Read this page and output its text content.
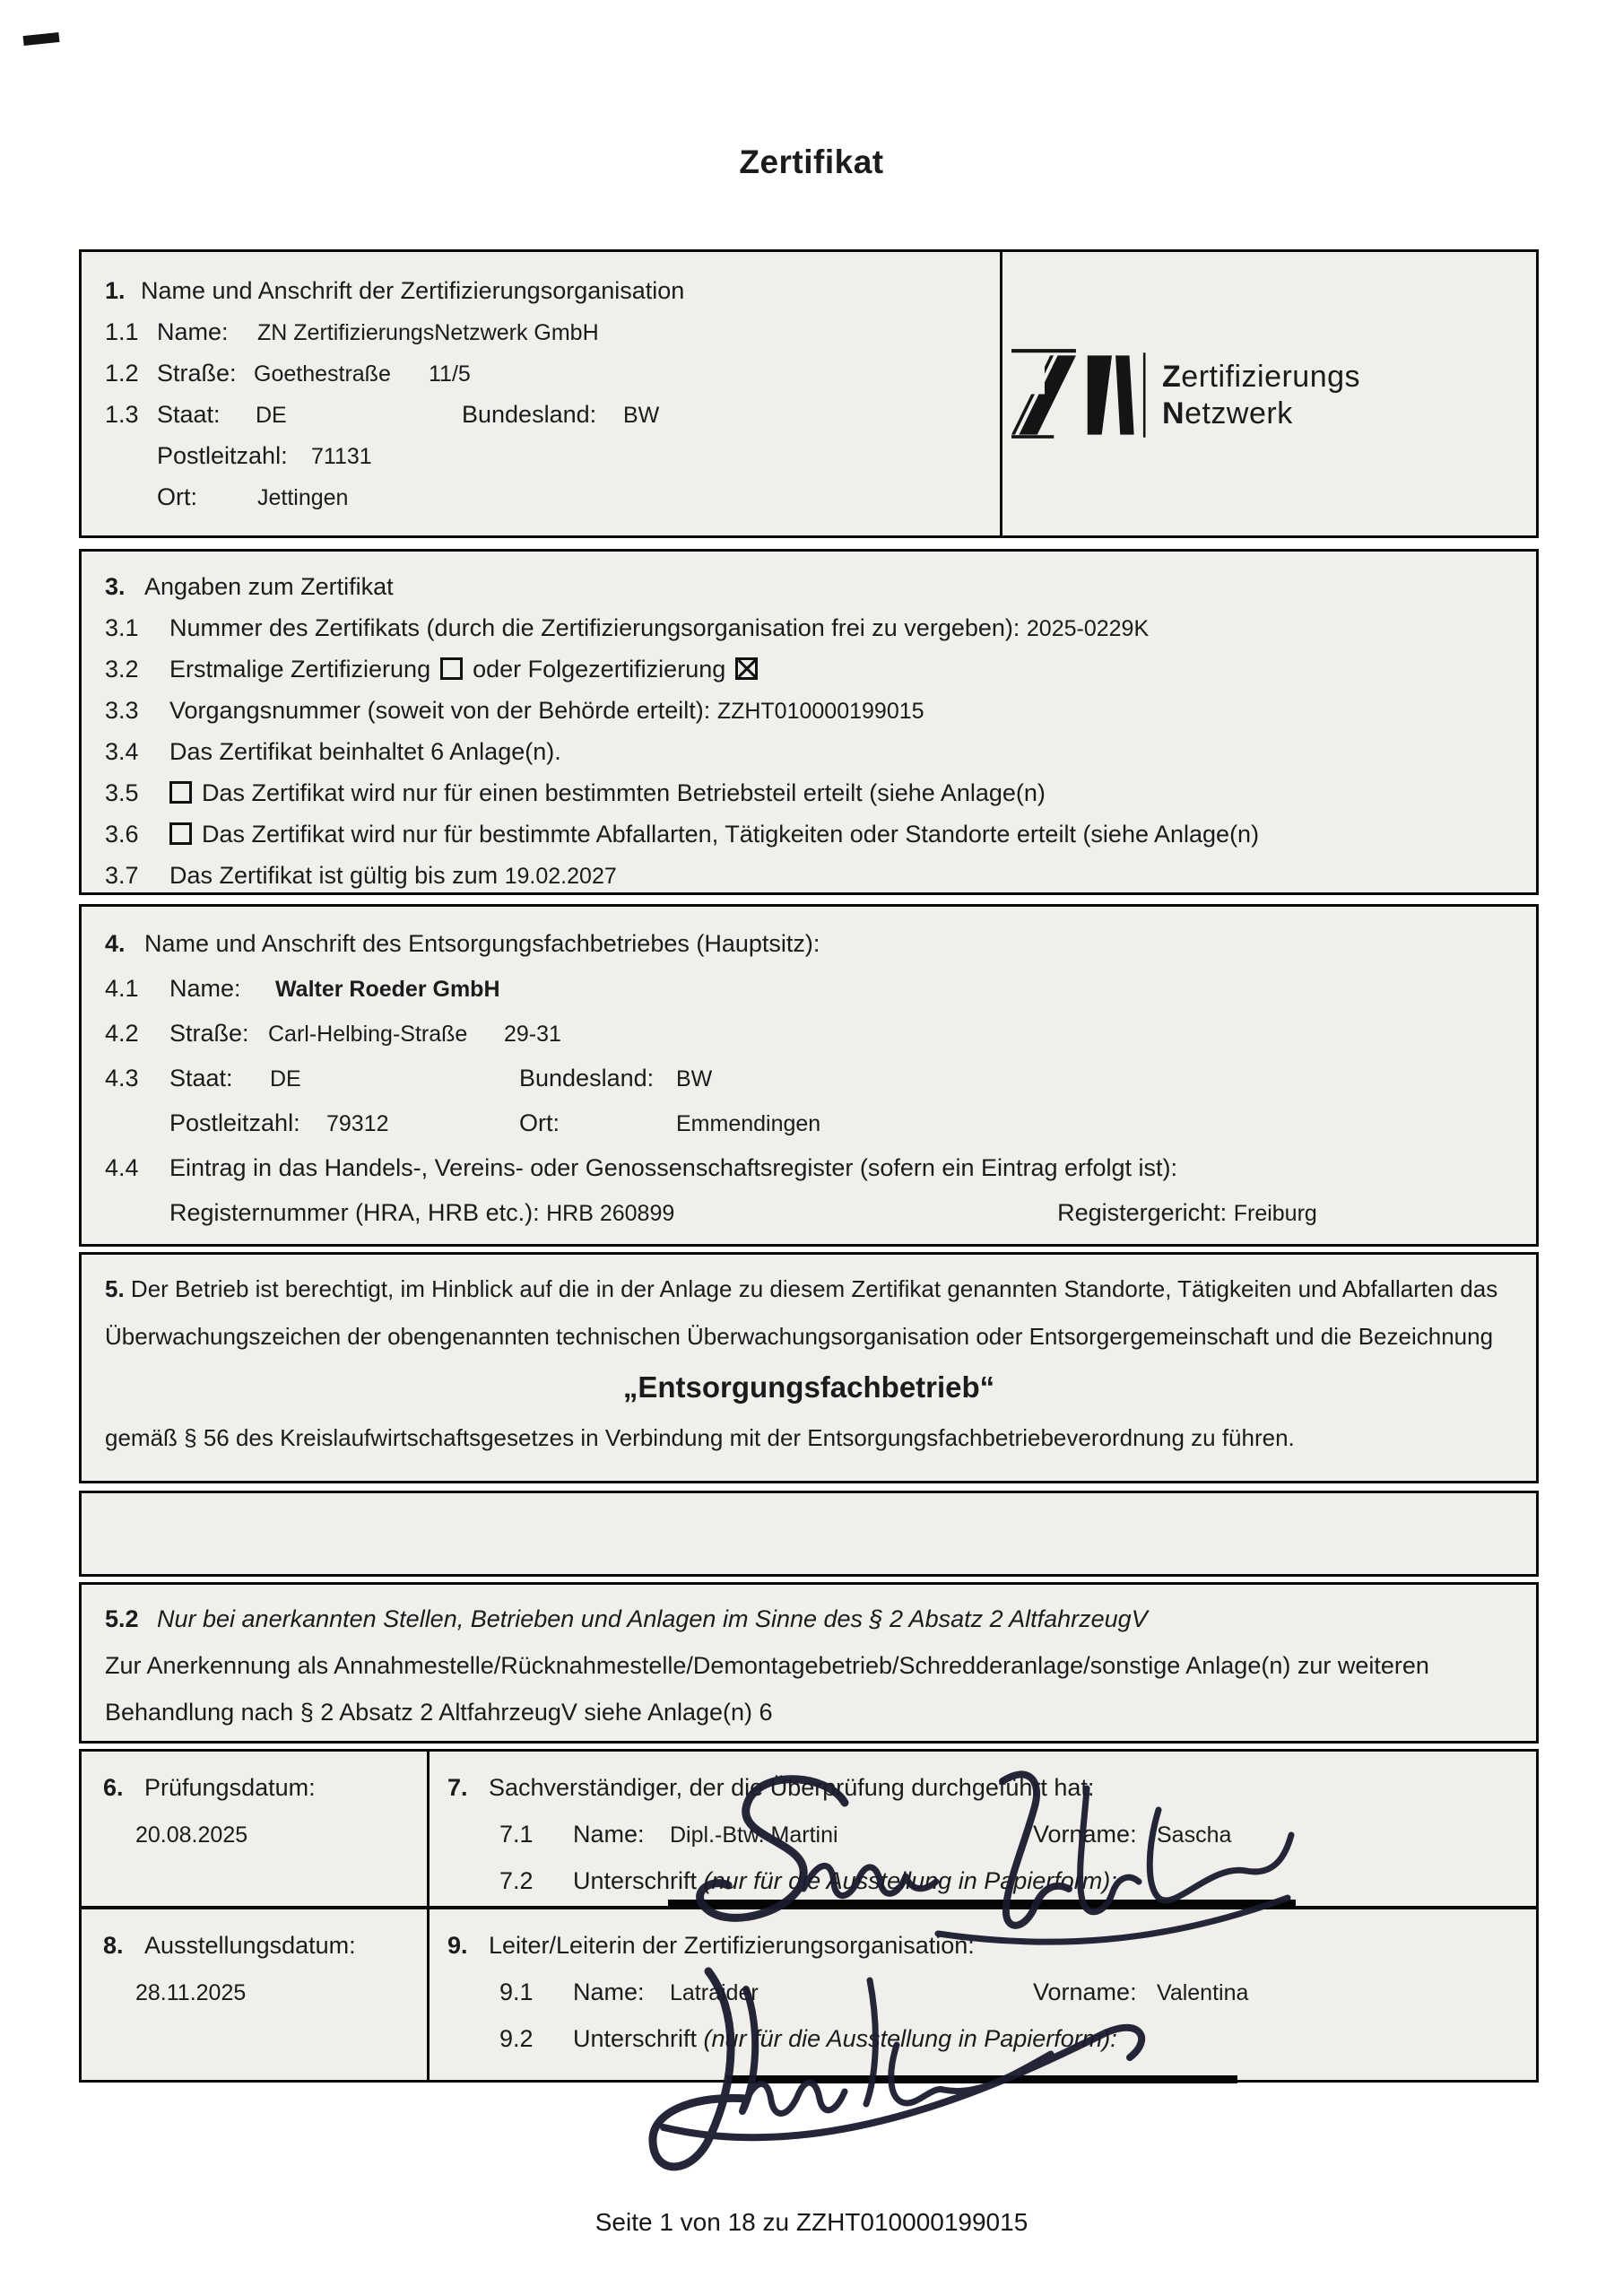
Zertifikat
1. Name und Anschrift der Zertifizierungsorganisation
1.1 Name: ZN ZertifizierungsNetzwerk GmbH
1.2 Straße: Goethestraße 11/5
1.3 Staat: DE	Bundesland: BW
Postleitzahl: 71131
Ort:	Jettingen
Zertifizierungs
Netzwerk
3. Angaben zum Zertifikat
3.1 Nummer des Zertifikats (durch die Zertifizierungsorganisation frei zu vergeben): 2025-0229K
3.2 Erstmalige Zertifizierung oder Folgezertifizierung
3.3 Vorgangsnummer (soweit von der Behörde erteilt): ZZHT010000199015
3.4 Das Zertifikat beinhaltet 6 Anlage(n).
3.5	Das Zertifikat wird nur für einen bestimmten Betriebsteil erteilt (siehe Anlage(n)
3.6	Das Zertifikat wird nur für bestimmte Abfallarten, Tätigkeiten oder Standorte erteilt (siehe Anlage(n)
3.7 Das Zertifikat ist gültig bis zum 19.02.2027
4. Name und Anschrift des Entsorgungsfachbetriebes (Hauptsitz):
4.1 Name: Walter Roeder GmbH
4.2 Straße: Carl-Helbing-Straße 29-31
4.3 Staat: DE	Bundesland: BW
Postleitzahl: 79312	Ort:	Emmendingen
4.4 Eintrag in das Handels-, Vereins- oder Genossenschaftsregister (sofern ein Eintrag erfolgt ist):
Registernummer (HRA, HRB etc.): HRB 260899	Registergericht: Freiburg

5. Der Betrieb ist berechtigt, im Hinblick auf die in der Anlage zu diesem Zertifikat genannten Standorte, Tätigkeiten und Abfallarten das Überwachungszeichen der obengenannten technischen Überwachungsorganisation oder Entsorgergemeinschaft und die Bezeichnung

„Entsorgungsfachbetrieb“

gemäß § 56 des Kreislaufwirtschaftsgesetzes in Verbindung mit der Entsorgungsfachbetriebeverordnung zu führen.

5.2 Nur bei anerkannten Stellen, Betrieben und Anlagen im Sinne des § 2 Absatz 2 AltfahrzeugV

Zur Anerkennung als Annahmestelle/Rücknahmestelle/Demontagebetrieb/Schredderanlage/sonstige Anlage(n) zur weiteren Behandlung nach § 2 Absatz 2 AltfahrzeugV siehe Anlage(n) 6

6. Prüfungsdatum:
20.08.2025
7. Sachverständiger, der die Überprüfung durchgeführt hat:
7.1 Name: Dipl.-Btw. Martini	Vorname: Sascha
7.2 Unterschrift (nur für die Ausstellung in Papierform):
8. Ausstellungsdatum:
28.11.2025
9. Leiter/Leiterin der Zertifizierungsorganisation:
9.1 Name: Latraider	Vorname: Valentina
9.2 Unterschrift (nur für die Ausstellung in Papierform):
Seite 1 von 18 zu ZZHT010000199015
